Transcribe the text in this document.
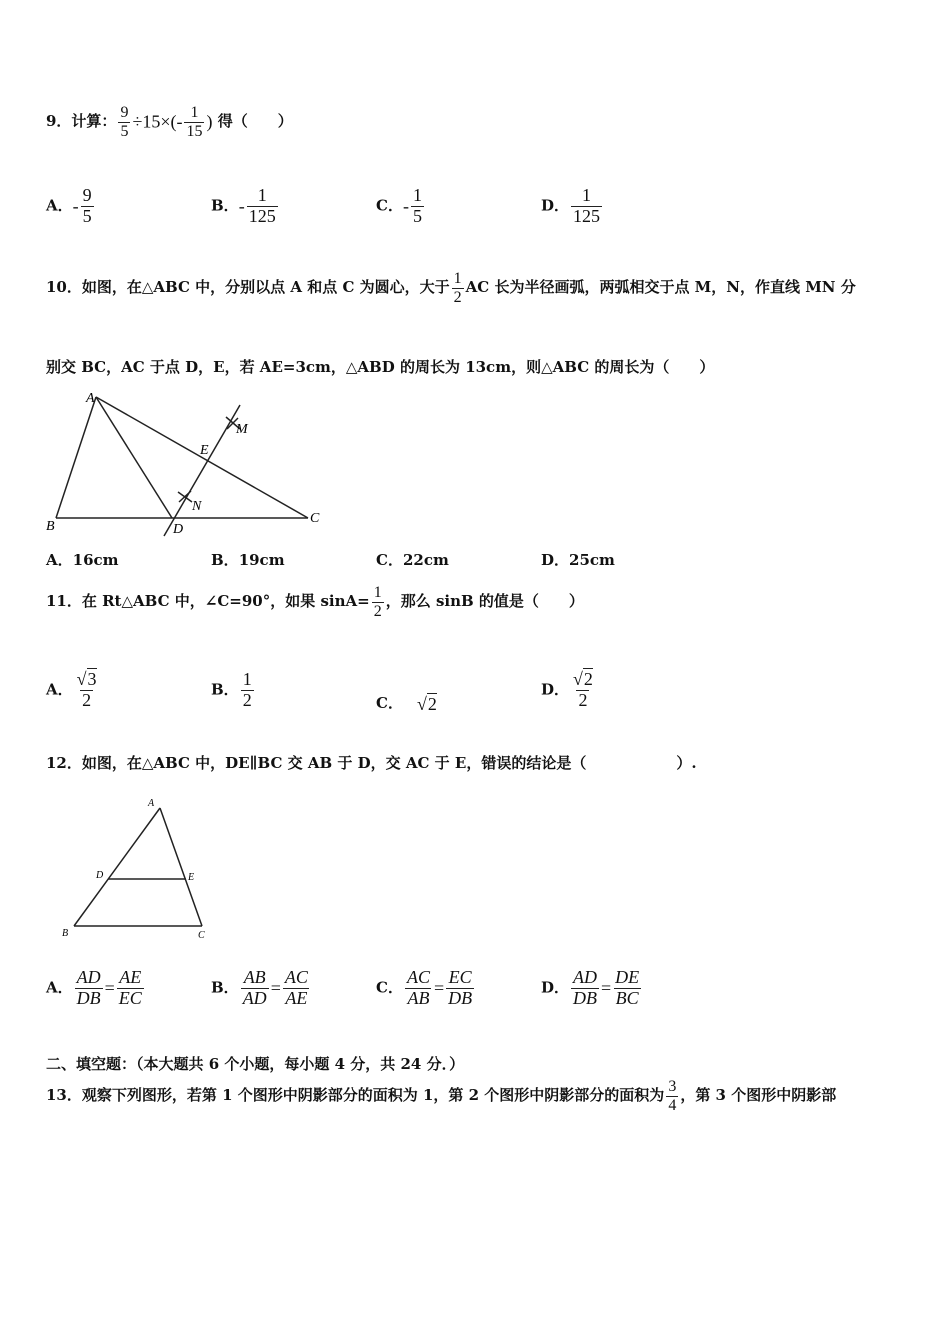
9．计算： $\frac{9}{5} \div 15\times(- \frac{1}{15}$ ) 得（　　）
A．- $\frac{9}{5}$	B．- $\frac{1}{125}$	C．- $\frac{1}{5}$	D． $\frac{1}{125}$
10．如图，在△ABC 中，分别以点 A 和点 C 为圆心，大于 $\frac{1}{2}$ AC 长为半径画弧，两弧相交于点 M，N，作直线 MN 分
别交 BC，AC 于点 D，E，若 AE=3cm，△ABD 的周长为 13cm，则△ABC 的周长为（　　）
A
B
C
D
E
M
N
A．16cm	B．19cm	C．22cm	D．25cm
11．在 Rt△ABC 中，∠C=90°，如果 $\sin A= \frac{1}{2}$ ，那么 sinB 的值是（　　）
A． $\frac{√3}{2}$	B． $\frac{1}{2}$	C． √2
D． $\frac{√2}{2}$
12．如图，在△ABC 中，DE∥BC 交 AB 于 D，交 AC 于 E，错误的结论是（　　　　　　）.
A
D	E
B	C
A． $\frac{AD}{DB} = \frac{AE}{EC}$	B． $\frac{AB}{AD} = \frac{AC}{AE}$	C． $\frac{AC}{AB} = \frac{EC}{DB}$	D． $\frac{AD}{DB} = \frac{DE}{BC}$
二、填空题：（本大题共 6 个小题，每小题 4 分，共 24 分．）
13．观察下列图形，若第 1 个图形中阴影部分的面积为 1，第 2 个图形中阴影部分的面积为 $\frac{3}{4}$ ，第 3 个图形中阴影部
